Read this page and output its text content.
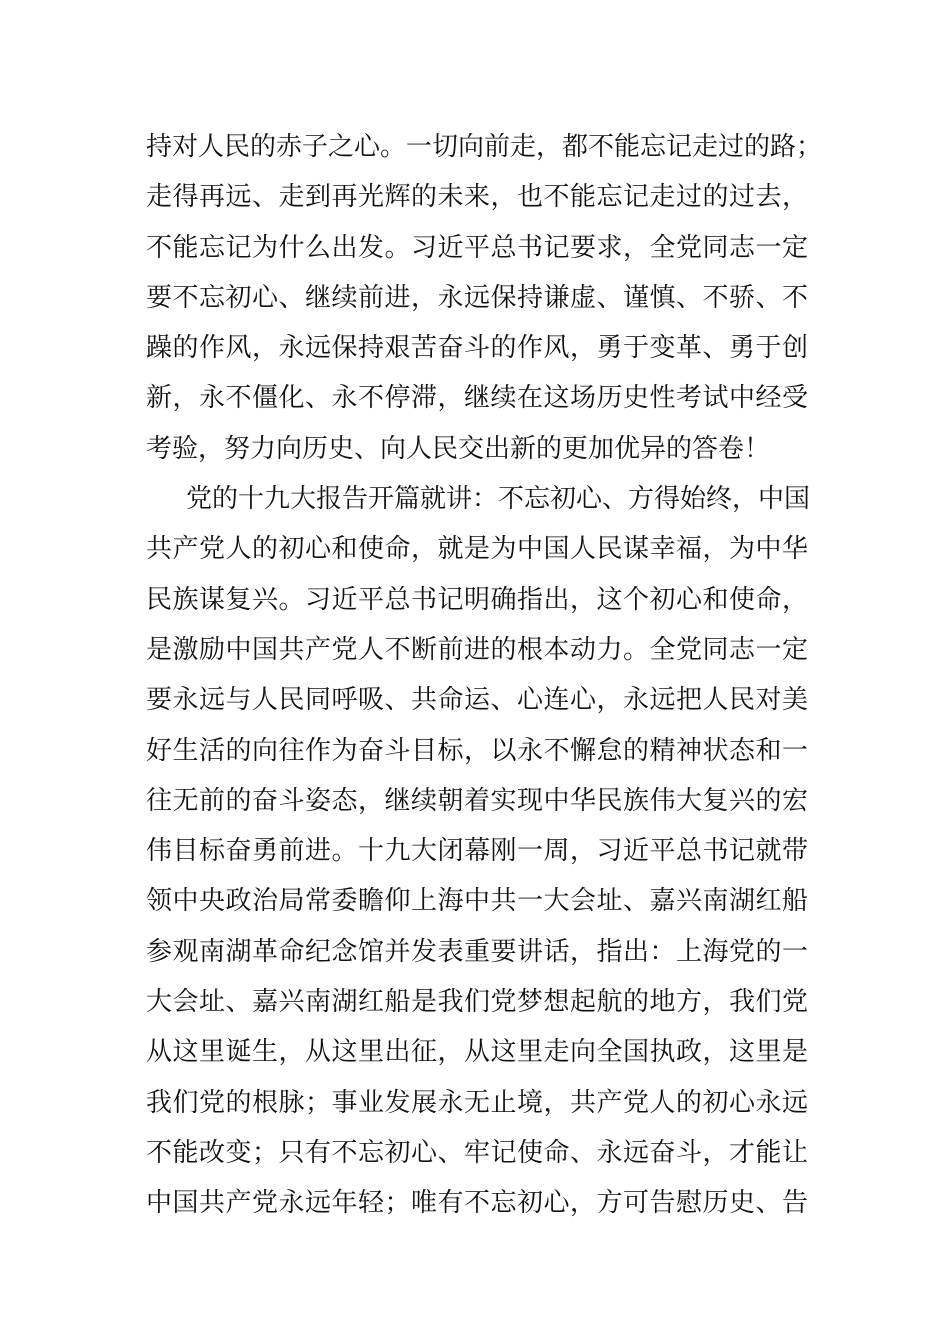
持对人民的赤子之心。一切向前走，都不能忘记走过的路；
走得再远、走到再光辉的未来，也不能忘记走过的过去，
不能忘记为什么出发。习近平总书记要求，全党同志一定
要不忘初心、继续前进，永远保持谦虚、谨慎、不骄、不
躁的作风，永远保持艰苦奋斗的作风，勇于变革、勇于创
新，永不僵化、永不停滞，继续在这场历史性考试中经受
考验，努力向历史、向人民交出新的更加优异的答卷！
党的十九大报告开篇就讲：不忘初心、方得始终，中国
共产党人的初心和使命，就是为中国人民谋幸福，为中华
民族谋复兴。习近平总书记明确指出，这个初心和使命，
是激励中国共产党人不断前进的根本动力。全党同志一定
要永远与人民同呼吸、共命运、心连心，永远把人民对美
好生活的向往作为奋斗目标，以永不懈怠的精神状态和一
往无前的奋斗姿态，继续朝着实现中华民族伟大复兴的宏
伟目标奋勇前进。十九大闭幕刚一周，习近平总书记就带
领中央政治局常委瞻仰上海中共一大会址、嘉兴南湖红船
参观南湖革命纪念馆并发表重要讲话，指出：上海党的一
大会址、嘉兴南湖红船是我们党梦想起航的地方，我们党
从这里诞生，从这里出征，从这里走向全国执政，这里是
我们党的根脉；事业发展永无止境，共产党人的初心永远
不能改变；只有不忘初心、牢记使命、永远奋斗，才能让
中国共产党永远年轻；唯有不忘初心，方可告慰历史、告
